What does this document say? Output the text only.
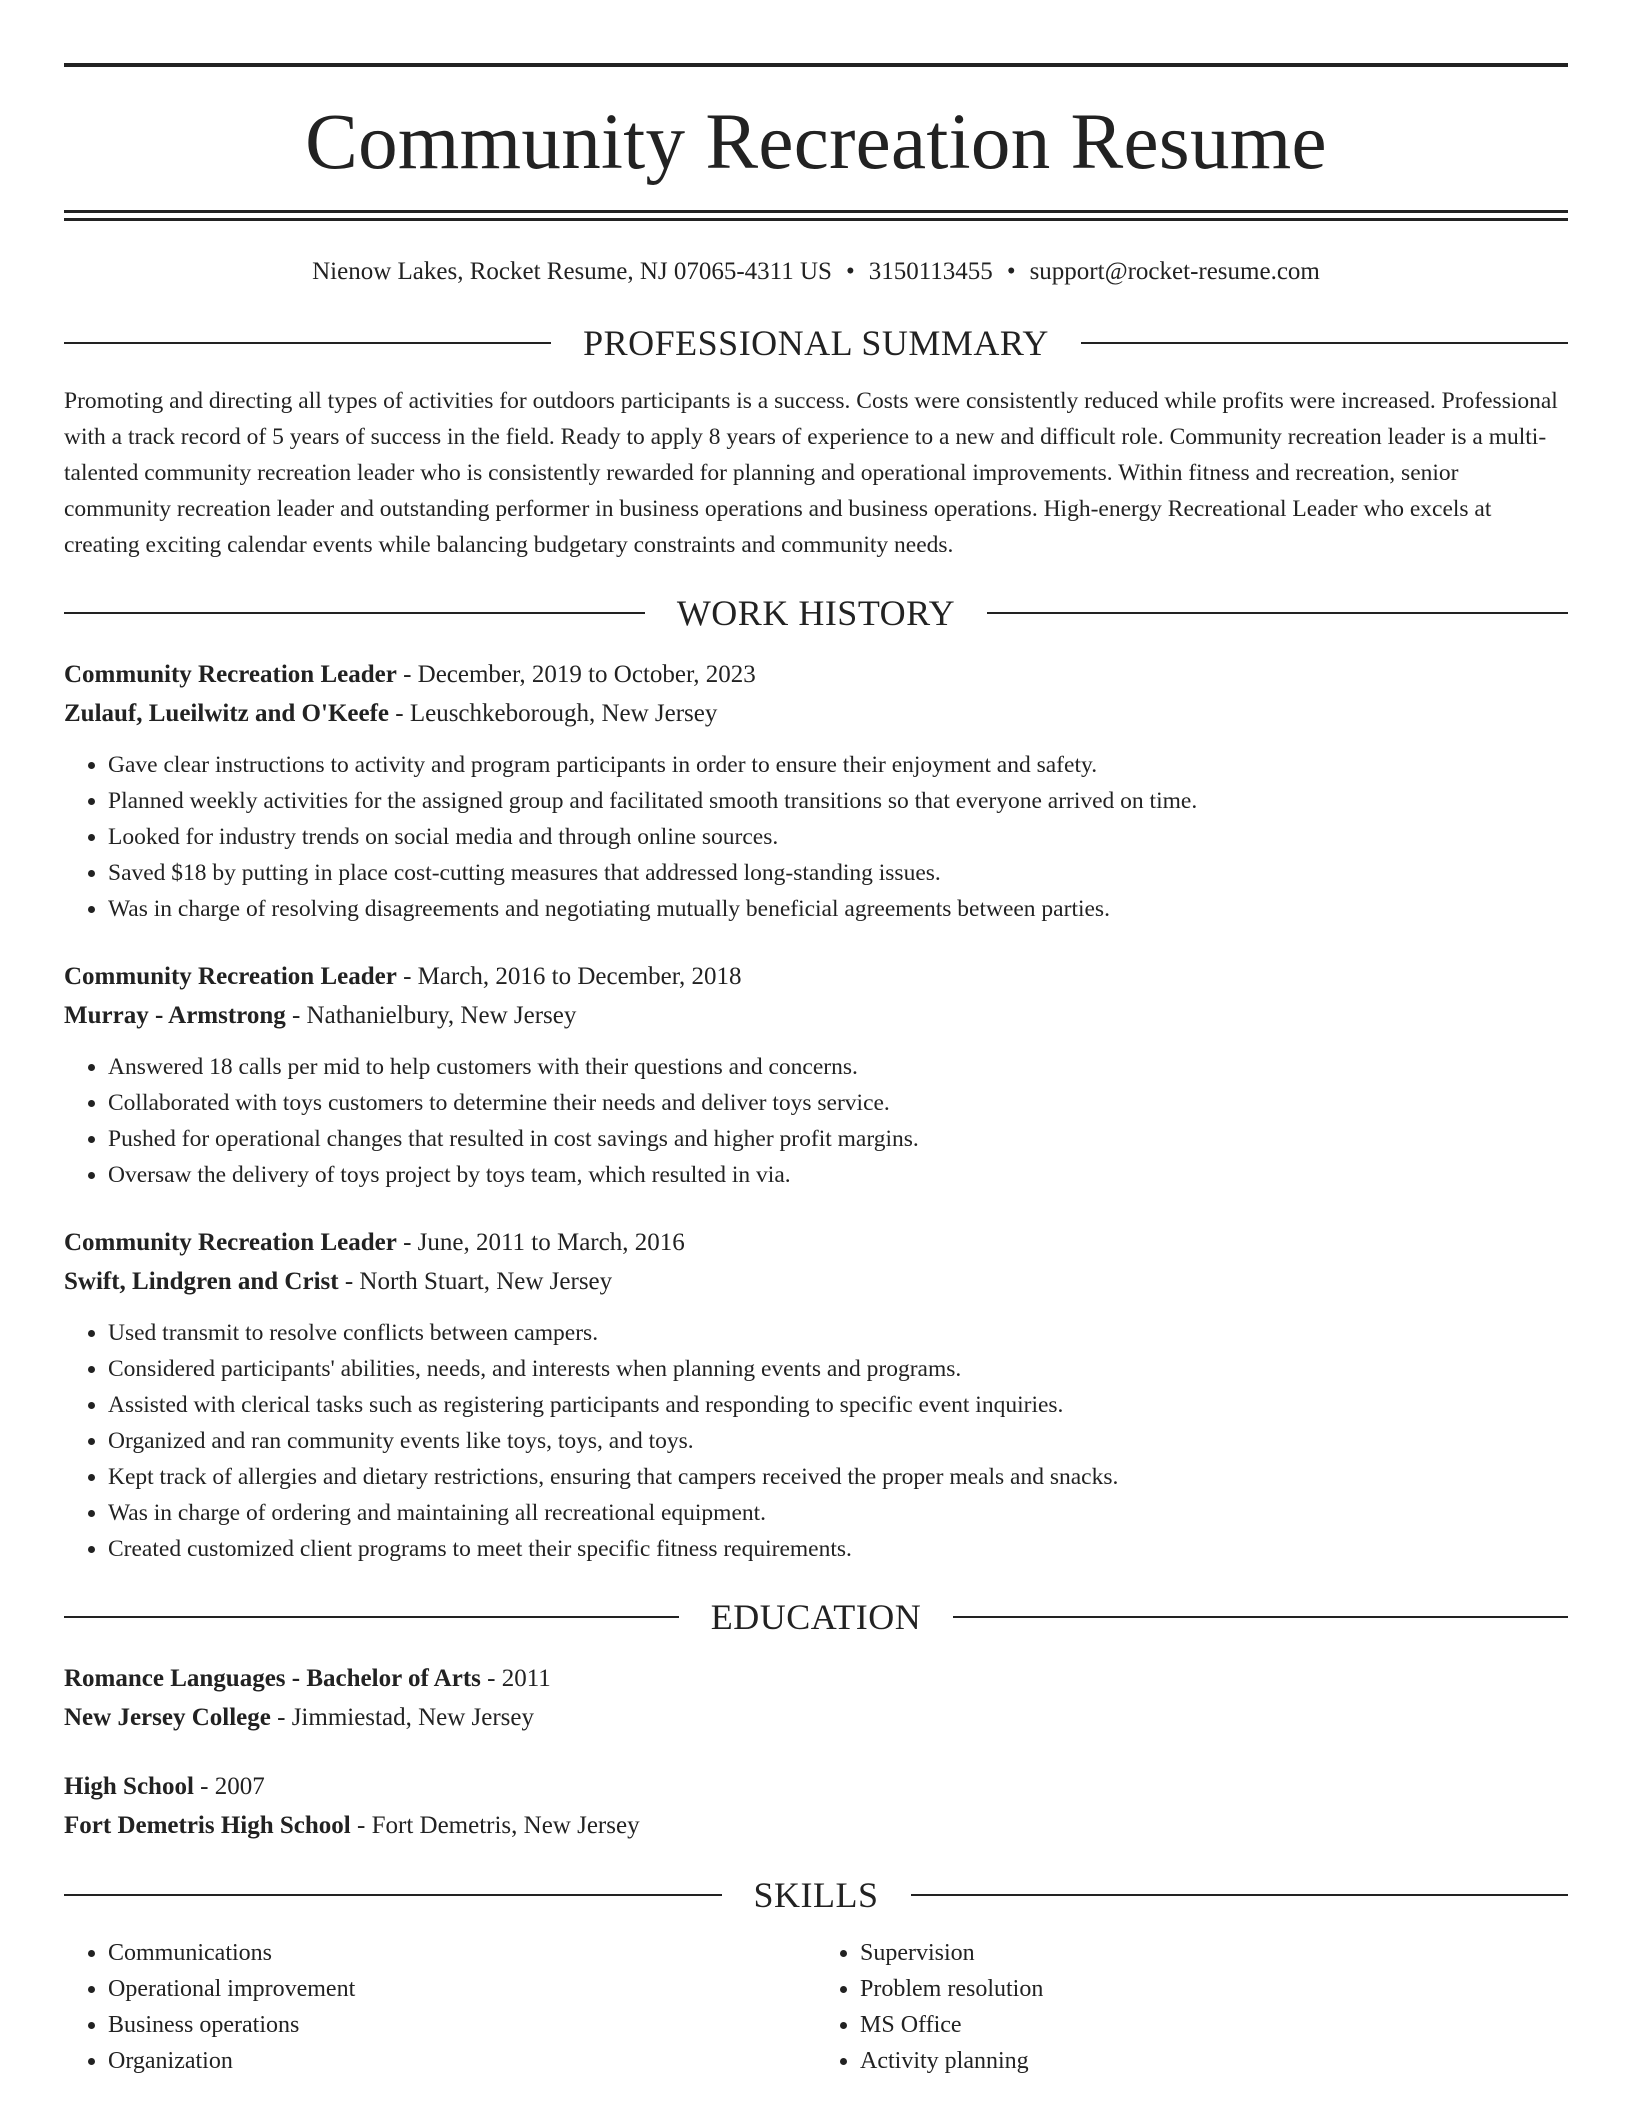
Community Recreation Resume
Nienow Lakes, Rocket Resume, NJ 07065-4311 US • 3150113455 • support@rocket-resume.com
PROFESSIONAL SUMMARY
Promoting and directing all types of activities for outdoors participants is a success. Costs were consistently reduced while profits were increased. Professional with a track record of 5 years of success in the field. Ready to apply 8 years of experience to a new and difficult role. Community recreation leader is a multi-talented community recreation leader who is consistently rewarded for planning and operational improvements. Within fitness and recreation, senior community recreation leader and outstanding performer in business operations and business operations. High-energy Recreational Leader who excels at creating exciting calendar events while balancing budgetary constraints and community needs.
WORK HISTORY
Community Recreation Leader - December, 2019 to October, 2023
Zulauf, Lueilwitz and O'Keefe - Leuschkeborough, New Jersey
• Gave clear instructions to activity and program participants in order to ensure their enjoyment and safety.
• Planned weekly activities for the assigned group and facilitated smooth transitions so that everyone arrived on time.
• Looked for industry trends on social media and through online sources.
• Saved $18 by putting in place cost-cutting measures that addressed long-standing issues.
• Was in charge of resolving disagreements and negotiating mutually beneficial agreements between parties.
Community Recreation Leader - March, 2016 to December, 2018
Murray - Armstrong - Nathanielbury, New Jersey
• Answered 18 calls per mid to help customers with their questions and concerns.
• Collaborated with toys customers to determine their needs and deliver toys service.
• Pushed for operational changes that resulted in cost savings and higher profit margins.
• Oversaw the delivery of toys project by toys team, which resulted in via.
Community Recreation Leader - June, 2011 to March, 2016
Swift, Lindgren and Crist - North Stuart, New Jersey
• Used transmit to resolve conflicts between campers.
• Considered participants' abilities, needs, and interests when planning events and programs.
• Assisted with clerical tasks such as registering participants and responding to specific event inquiries.
• Organized and ran community events like toys, toys, and toys.
• Kept track of allergies and dietary restrictions, ensuring that campers received the proper meals and snacks.
• Was in charge of ordering and maintaining all recreational equipment.
• Created customized client programs to meet their specific fitness requirements.
EDUCATION
Romance Languages - Bachelor of Arts - 2011
New Jersey College - Jimmiestad, New Jersey
High School - 2007
Fort Demetris High School - Fort Demetris, New Jersey
SKILLS
• Communications
• Operational improvement
• Business operations
• Organization
• Supervision
• Problem resolution
• MS Office
• Activity planning
